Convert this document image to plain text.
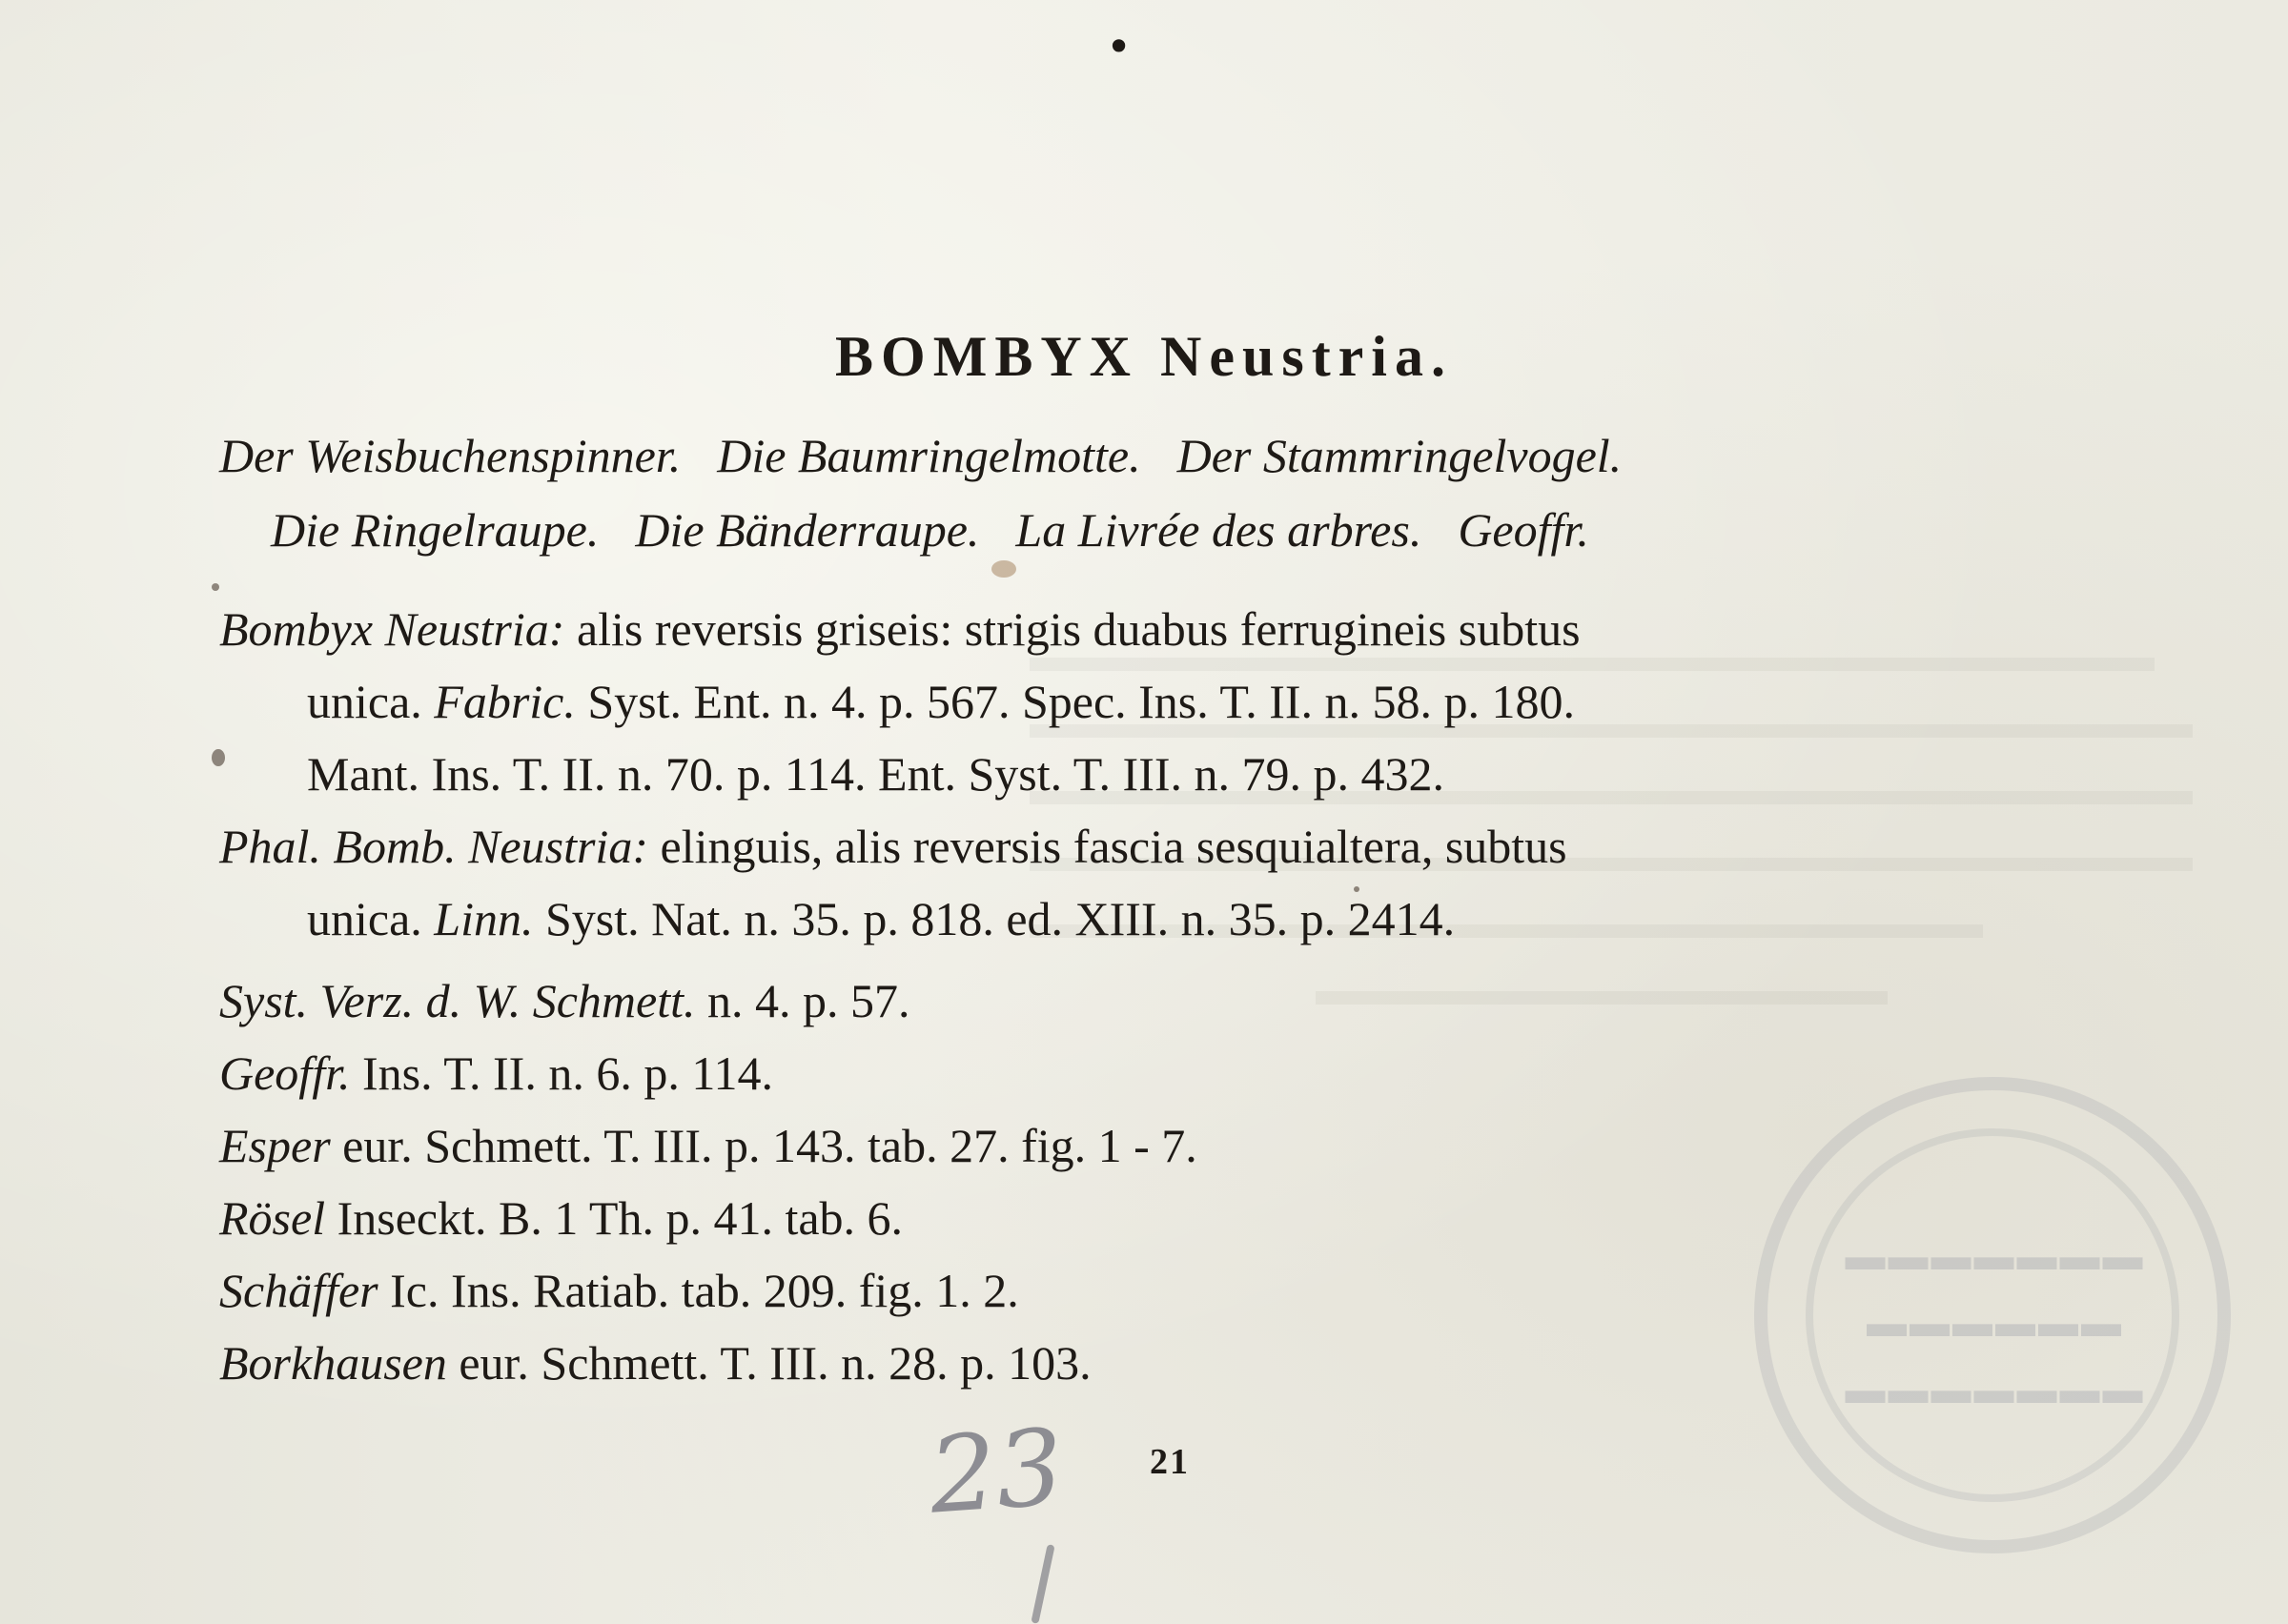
•
BOMBYX Neustria.
Der Weisbuchenspinner. Die Baumringelmotte. Der Stammringelvogel.
Die Ringelraupe. Die Bänderraupe. La Livrée des arbres. Geoffr.
Bombyx Neustria: alis reversis griseis: strigis duabus ferrugineis subtus
unica. Fabric. Syst. Ent. n. 4. p. 567. Spec. Ins. T. II. n. 58. p. 180.
Mant. Ins. T. II. n. 70. p. 114. Ent. Syst. T. III. n. 79. p. 432.
Phal. Bomb. Neustria: elinguis, alis reversis fascia sesquialtera, subtus
unica. Linn. Syst. Nat. n. 35. p. 818. ed. XIII. n. 35. p. 2414.
Syst. Verz. d. W. Schmett. n. 4. p. 57.
Geoffr. Ins. T. II. n. 6. p. 114.
Esper eur. Schmett. T. III. p. 143. tab. 27. fig. 1 - 7.
Rösel Inseckt. B. 1 Th. p. 41. tab. 6.
Schäffer Ic. Ins. Ratiab. tab. 209. fig. 1. 2.
Borkhausen eur. Schmett. T. III. n. 28. p. 103.
23 21
▬▬▬▬▬▬▬
▬▬▬▬▬▬
▬▬▬▬▬▬▬
